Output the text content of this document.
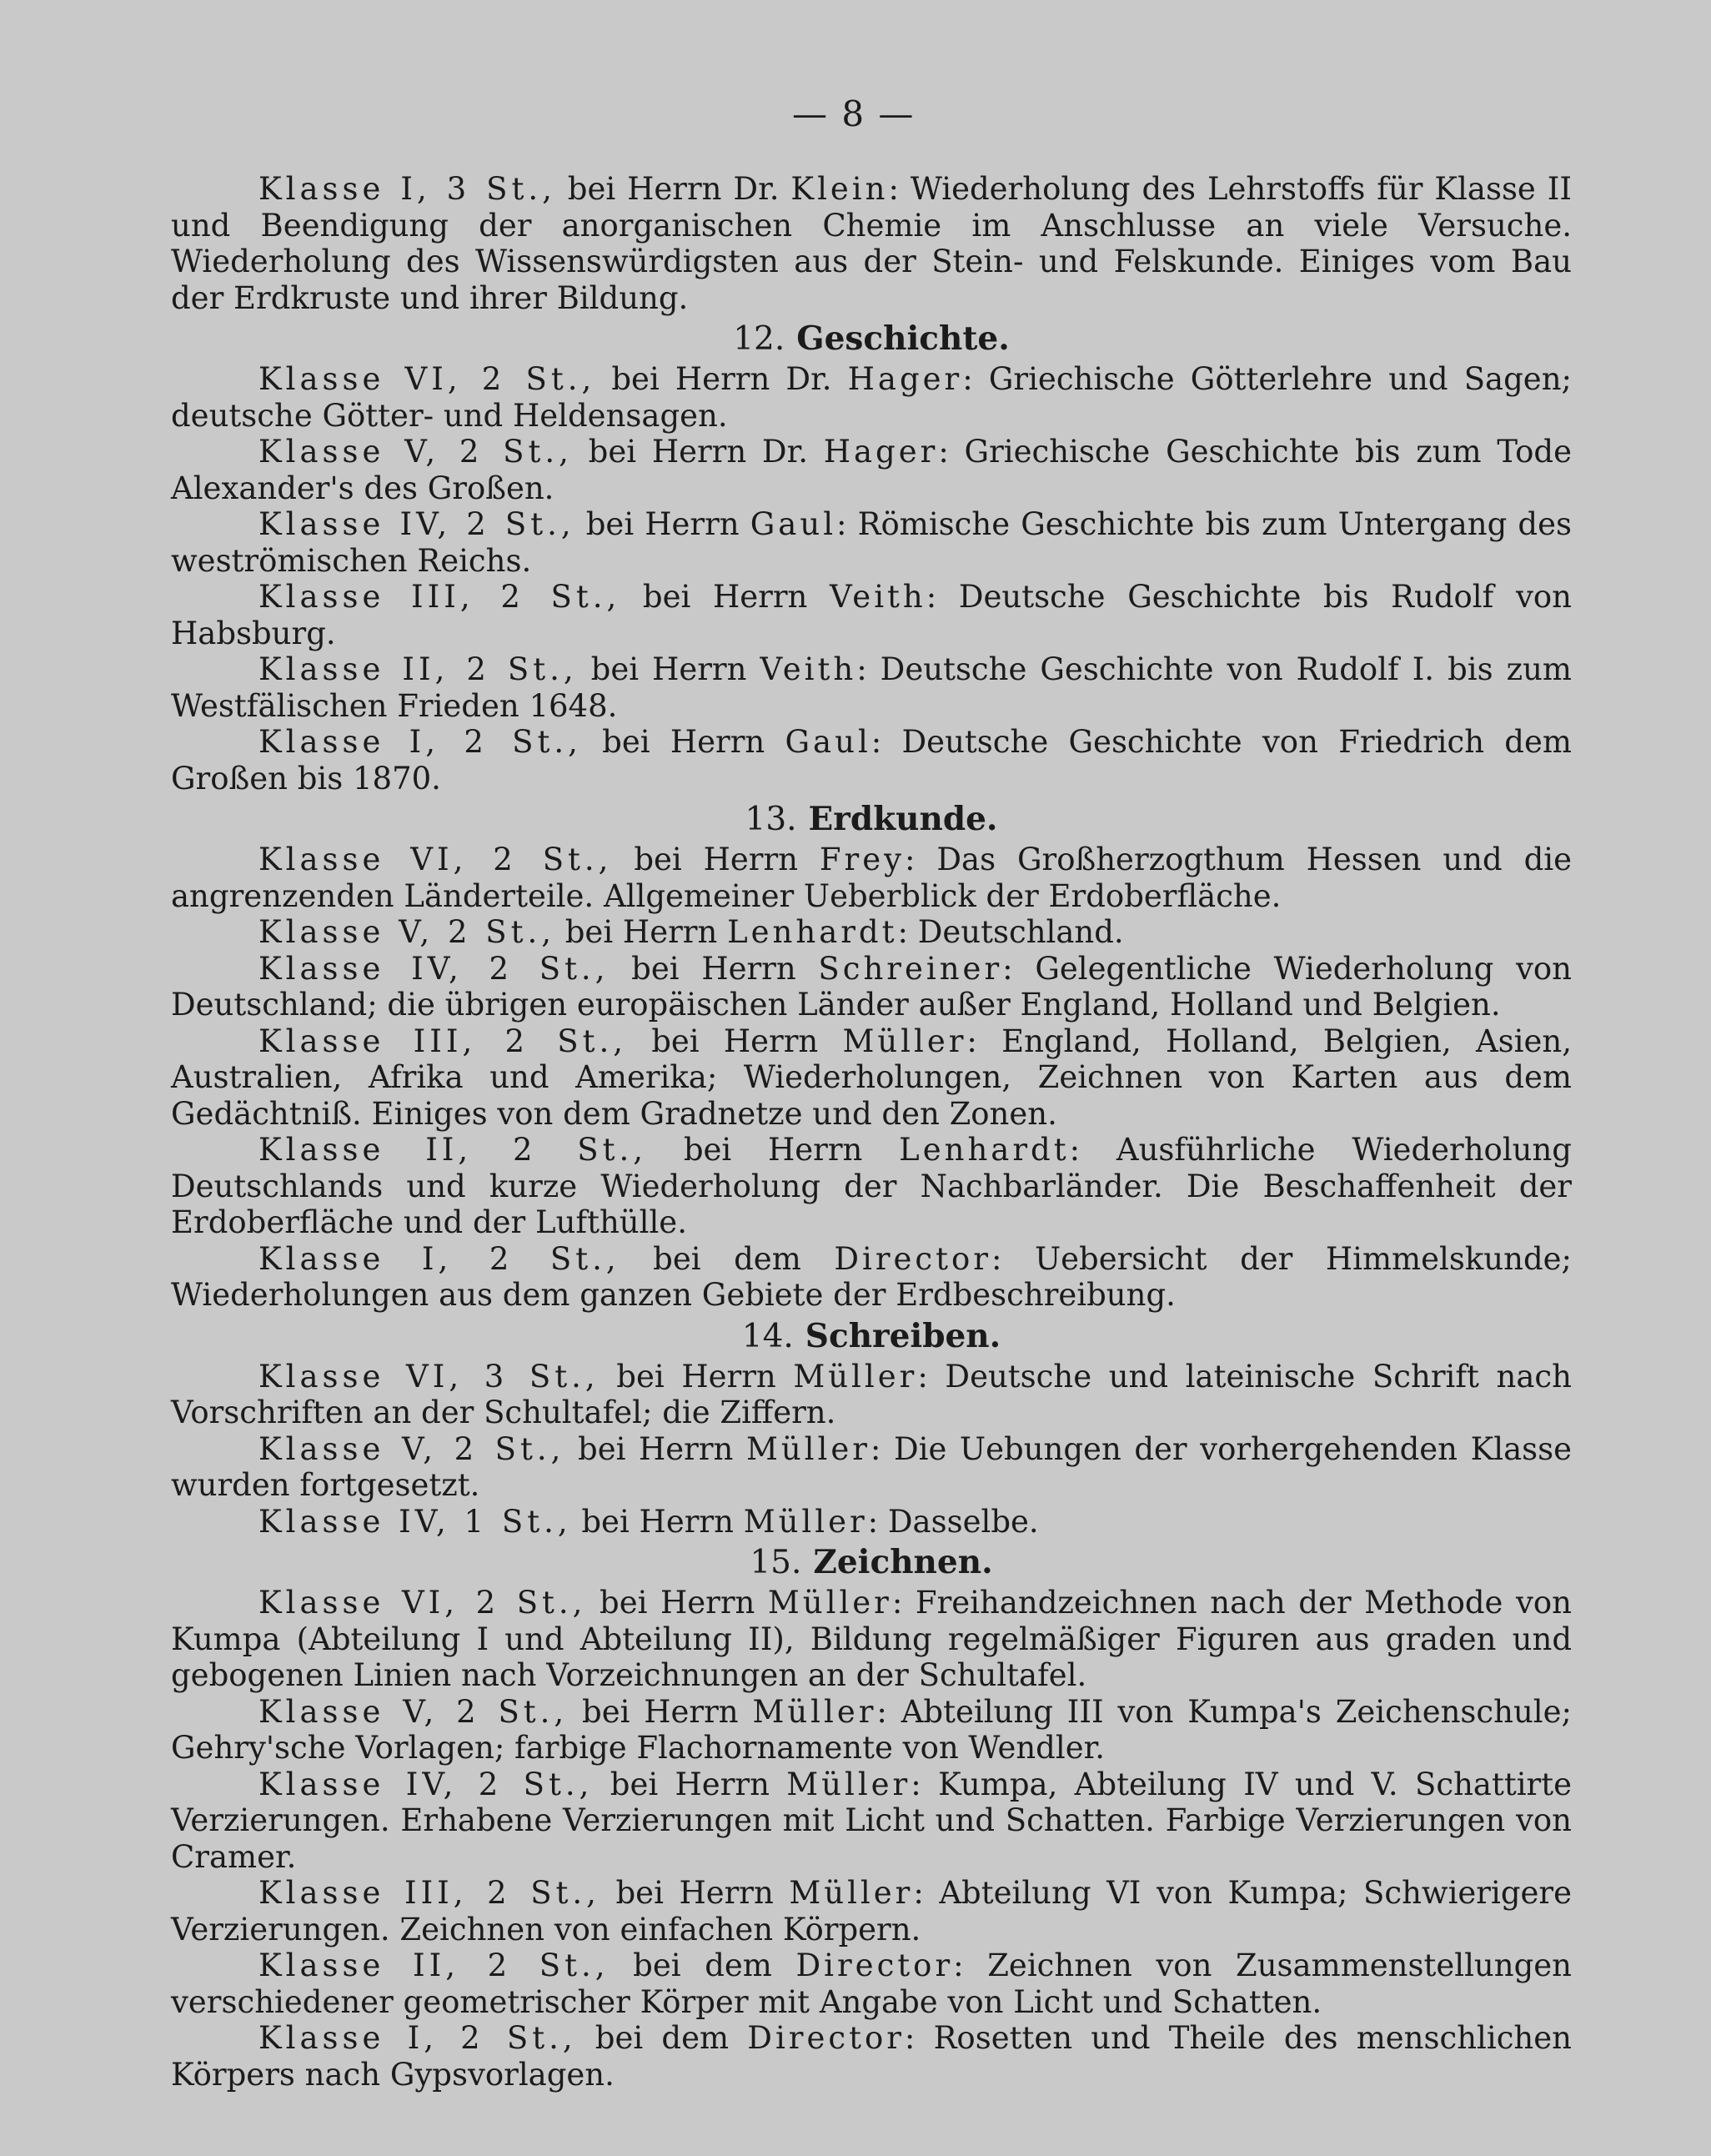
— 8 —

Klasse I, 3 St., bei Herrn Dr. Klein: Wiederholung des Lehrstoffs für Klasse II und Beendigung der anorganischen Chemie im Anschlusse an viele Versuche. Wiederholung des Wissenswürdigsten aus der Stein- und Felskunde. Einiges vom Bau der Erdkruste und ihrer Bildung.

12. Geschichte.

Klasse VI, 2 St., bei Herrn Dr. Hager: Griechische Götterlehre und Sagen; deutsche Götter- und Heldensagen.

Klasse V, 2 St., bei Herrn Dr. Hager: Griechische Geschichte bis zum Tode Alexander's des Großen.

Klasse IV, 2 St., bei Herrn Gaul: Römische Geschichte bis zum Untergang des weströmischen Reichs.

Klasse III, 2 St., bei Herrn Veith: Deutsche Geschichte bis Rudolf von Habsburg.

Klasse II, 2 St., bei Herrn Veith: Deutsche Geschichte von Rudolf I. bis zum Westfälischen Frieden 1648.

Klasse I, 2 St., bei Herrn Gaul: Deutsche Geschichte von Friedrich dem Großen bis 1870.

13. Erdkunde.

Klasse VI, 2 St., bei Herrn Frey: Das Großherzogthum Hessen und die angrenzenden Länderteile. Allgemeiner Ueberblick der Erdoberfläche.

Klasse V, 2 St., bei Herrn Lenhardt: Deutschland.

Klasse IV, 2 St., bei Herrn Schreiner: Gelegentliche Wiederholung von Deutschland; die übrigen europäischen Länder außer England, Holland und Belgien.

Klasse III, 2 St., bei Herrn Müller: England, Holland, Belgien, Asien, Australien, Afrika und Amerika; Wiederholungen, Zeichnen von Karten aus dem Gedächtniß. Einiges von dem Gradnetze und den Zonen.

Klasse II, 2 St., bei Herrn Lenhardt: Ausführliche Wiederholung Deutschlands und kurze Wiederholung der Nachbarländer. Die Beschaffenheit der Erdoberfläche und der Lufthülle.

Klasse I, 2 St., bei dem Director: Uebersicht der Himmelskunde; Wiederholungen aus dem ganzen Gebiete der Erdbeschreibung.

14. Schreiben.

Klasse VI, 3 St., bei Herrn Müller: Deutsche und lateinische Schrift nach Vorschriften an der Schultafel; die Ziffern.

Klasse V, 2 St., bei Herrn Müller: Die Uebungen der vorhergehenden Klasse wurden fortgesetzt.

Klasse IV, 1 St., bei Herrn Müller: Dasselbe.

15. Zeichnen.

Klasse VI, 2 St., bei Herrn Müller: Freihandzeichnen nach der Methode von Kumpa (Abteilung I und Abteilung II), Bildung regelmäßiger Figuren aus graden und gebogenen Linien nach Vorzeichnungen an der Schultafel.

Klasse V, 2 St., bei Herrn Müller: Abteilung III von Kumpa's Zeichenschule; Gehry'sche Vorlagen; farbige Flachornamente von Wendler.

Klasse IV, 2 St., bei Herrn Müller: Kumpa, Abteilung IV und V. Schattirte Verzierungen. Erhabene Verzierungen mit Licht und Schatten. Farbige Verzierungen von Cramer.

Klasse III, 2 St., bei Herrn Müller: Abteilung VI von Kumpa; Schwierigere Verzierungen. Zeichnen von einfachen Körpern.

Klasse II, 2 St., bei dem Director: Zeichnen von Zusammenstellungen verschiedener geometrischer Körper mit Angabe von Licht und Schatten.

Klasse I, 2 St., bei dem Director: Rosetten und Theile des menschlichen Körpers nach Gypsvorlagen.
